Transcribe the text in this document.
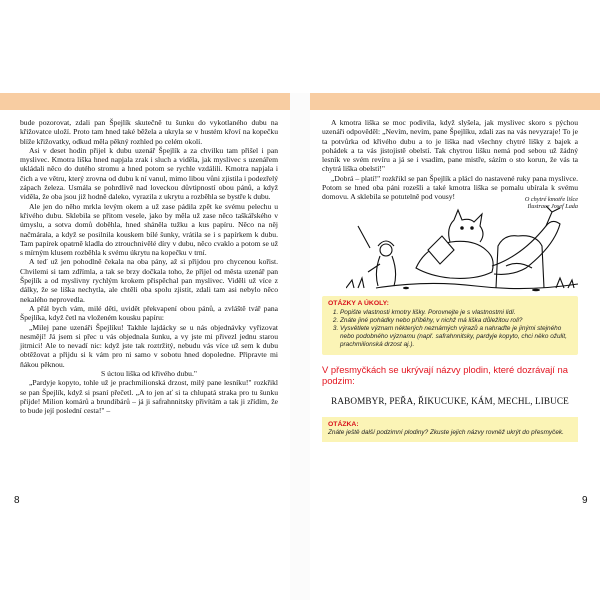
bude pozorovat, zdali pan Špejlík skutečně tu šunku do vykotlaného dubu na křižovatce uloží. Proto tam hned také běžela a ukryla se v hustém křoví na kopečku blíže křižovatky, odkud měla pěkný rozhled po celém okolí.

Asi v deset hodin přijel k dubu uzenář Špejlík a za chvilku tam přišel i pan myslivec. Kmotra liška hned napjala zrak i sluch a viděla, jak myslivec s uzenářem ukládali něco do dutého stromu a hned potom se rychle vzdálili. Kmotra napjala i čich a ve větru, který zrovna od dubu k ní vanul, mimo libou vůni zjistila i podezřelý zápach železa. Usmála se pohrdlivě nad loveckou důvtipností obou pánů, a když viděla, že oba jsou již hodně daleko, vyrazila z ukrytu a rozběhla se bystře k dubu.

Ale jen do něho mrkla levým okem a už zase pádila zpět ke svému pelechu u křivého dubu. Sklebila se přitom vesele, jako by měla už zase něco taškářského v úmyslu, a sotva domů doběhla, hned sháněla tužku a kus papíru. Něco na něj načmárala, a když se posilnila kouskem bílé šunky, vrátila se i s papírkem k dubu. Tam papírek opatrně kladla do ztrouchnivělé díry v dubu, něco cvaklo a potom se už s mírným klusem rozběhla k svému úkrytu na kopečku v trní.

A teď už jen pohodlně čekala na oba pány, až si přijdou pro chycenou kořist. Chvilemi si tam zdřímla, a tak se brzy dočkala toho, že přijel od města uzenář pan Špejlík a od myslivny rychlým krokem přispěchal pan myslivec. Viděli už více z dálky, že se liška nechytla, ale chtěli oba spolu zjistit, zdali tam asi nebylo něco nekalého neprovedla.

A přál bych vám, milé děti, uvidět překvapení obou pánů, a zvláště tvář pana Špejlíka, když četl na vloženém kousku papíru:

„Milej pane uzenáři Špejlíku! Takhle lajdácky se u nás objednávky vyřizovat nesmějí! Já jsem si přec u vás objednala šunku, a vy jste mi přivezl jednu starou jitrnici! Ale to nevadí nic: když jste tak roztržitý, nebudu vás více už sem k dubu obtěžovat a přijdu si k vám pro ni samo v sobotu hned dopoledne. Připravte mi ňákou pěknou.

S úctou liška od křivého dubu."

„Pardyje kopyto, tohle už je prachmilionská drzost, milý pane lesníku!" rozkřikl se pan Špejlík, když si psaní přečetl. „A to jen ať si ta chlupatá straka pro tu šunku přijde! Milion komárů a brundibárů – já ji safrahnnitsky přivítám a tak ji zřídím, že to bude její poslední cesta!" –

8

A kmotra liška se moc podivila, když slyšela, jak myslivec skoro s pýchou uzenáři odpověděl: „Nevím, nevím, pane Špejlíku, zdali zas na vás nevyzraje! To je ta potvůrka od křivého dubu a to je liška nad všechny chytré lišky z bajek a pohádek a ta vás jistojistě obelstí. Tak chytrou lišku nemá pod sebou už žádný lesník ve svém revíru a já se i vsadím, pane mistře, sázím o sto korun, že vás ta chytrá liška obelstí!"

„Dobrá – platí!" rozkřikl se pan Špejlík a plácl do nastavené ruky pana myslivce. Potom se hned oba páni rozešli a také kmotra liška se pomalu ubírala k svému domovu. A sklebila se potutelně pod vousy!	O chytré kmotře lišce
Ilustrace Josef Lada
OTÁZKY A ÚKOLY:
1. Popište vlastnosti kmotry lišky. Porovnejte je s vlastnostmi lidí.
2. Znáte jiné pohádky nebo příběhy, v nichž má liška důležitou roli?
3. Vysvětlete význam některých neznámých výrazů a nahraďte je jinými stejného nebo podobného významu (např. safrahnnitsky, pardyje kopyto, chci něko ožulit, prachmilionská drzost aj.).
V přesmyčkách se ukrývají názvy plodin, které dozrávají na podzim:
RABOMBYR, PEŘA, ŘIKUCUKE, KÁM, MECHL, LIBUCE
OTÁZKA:
Znáte ještě další podzimní plodiny? Zkuste jejich názvy rovněž ukrýt do přesmyček.
9
